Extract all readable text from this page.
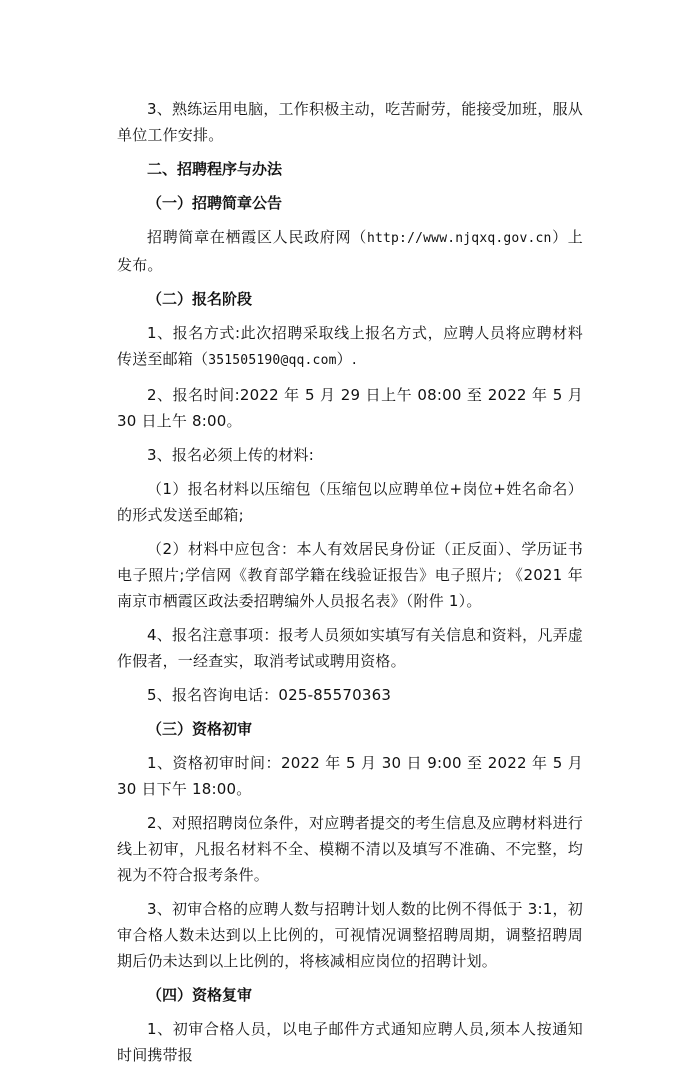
3、熟练运用电脑，工作积极主动，吃苦耐劳，能接受加班，服从单位工作安排。

二、招聘程序与办法

（一）招聘简章公告

招聘简章在栖霞区人民政府网（http://www.njqxq.gov.cn）上发布。

（二）报名阶段

1、报名方式:此次招聘采取线上报名方式，应聘人员将应聘材料传送至邮箱（351505190@qq.com）.

2、报名时间:2022 年 5 月 29 日上午 08:00 至 2022 年 5 月 30 日上午 8:00。

3、报名必须上传的材料:

（1）报名材料以压缩包（压缩包以应聘单位+岗位+姓名命名）的形式发送至邮箱;

（2）材料中应包含：本人有效居民身份证（正反面）、学历证书电子照片;学信网《教育部学籍在线验证报告》电子照片; 《2021 年南京市栖霞区政法委招聘编外人员报名表》（附件 1）。

4、报名注意事项：报考人员须如实填写有关信息和资料，凡弄虚作假者，一经查实，取消考试或聘用资格。

5、报名咨询电话：025-85570363

（三）资格初审

1、资格初审时间：2022 年 5 月 30 日 9:00 至 2022 年 5 月 30 日下午 18:00。

2、对照招聘岗位条件，对应聘者提交的考生信息及应聘材料进行线上初审，凡报名材料不全、模糊不清以及填写不准确、不完整，均视为不符合报考条件。

3、初审合格的应聘人数与招聘计划人数的比例不得低于 3:1，初审合格人数未达到以上比例的，可视情况调整招聘周期，调整招聘周期后仍未达到以上比例的，将核减相应岗位的招聘计划。

（四）资格复审

1、初审合格人员，以电子邮件方式通知应聘人员,须本人按通知时间携带报
